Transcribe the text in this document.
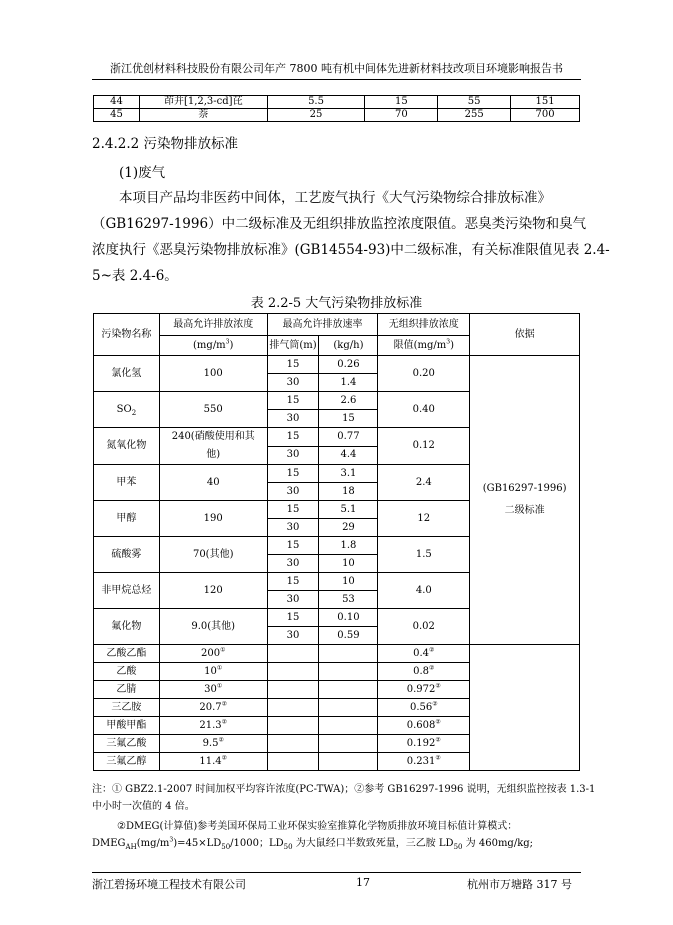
浙江优创材料科技股份有限公司年产 7800 吨有机中间体先进新材料技改项目环境影响报告书
44	茚并[1,2,3-cd]芘	5.5	15	55	151
45	萘	25	70	255	700
2.4.2.2 污染物排放标准
(1)废气
本项目产品均非医药中间体，工艺废气执行《大气污染物综合排放标准》
（GB16297-1996）中二级标准及无组织排放监控浓度限值。恶臭类污染物和臭气
浓度执行《恶臭污染物排放标准》(GB14554-93)中二级标准，有关标准限值见表 2.4-
5~表 2.4-6。
表 2.2-5 大气污染物排放标准
污染物名称	最高允许排放浓度	最高允许排放速率		无组织排放浓度	依据
	$(mg/m^3)$	排气筒(m)	(kg/h)	限值$(mg/m^3)$	
氯化氢	100	15	0.26	0.20	(GB16297-1996)
二级标准
		30	1.4		
$SO_2$	550	15	2.6	0.40	
		30	15		
氮氧化物	240(硝酸使用和其他)	15	0.77	0.12	
		30	4.4		
甲苯	40	15	3.1	2.4	
		30	18		
甲醇	190	15	5.1	12	
		30	29		
硫酸雾	70(其他)	15	1.8	1.5	
		30	10		
非甲烷总烃	120	15	10	4.0	
		30	53		
氟化物	9.0(其他)	15	0.10	0.02	
		30	0.59		
乙酸乙酯	200①			0.4②	
乙酸	10①			0.8②
乙腈	30①			0.972②
三乙胺	20.7②			0.56②
甲酸甲酯	21.3②			0.608②
三氟乙酸	9.5②			0.192②
三氟乙醇	11.4②			0.231②
注：① GBZ2.1-2007 时间加权平均容许浓度(PC-TWA)；②参考 GB16297-1996 说明，无组织监控按表 1.3-1
中小时一次值的 4 倍。
②DMEG(计算值)参考美国环保局工业环保实验室推算化学物质排放环境目标值计算模式：
$DMEG_{AH}(mg/m^3)=45\times LD_{50}/1000$；$LD_{50}$ 为大鼠经口半数致死量，三乙胺 $LD_{50}$ 为 460mg/kg;
浙江碧扬环境工程技术有限公司	17	杭州市万塘路 317 号
